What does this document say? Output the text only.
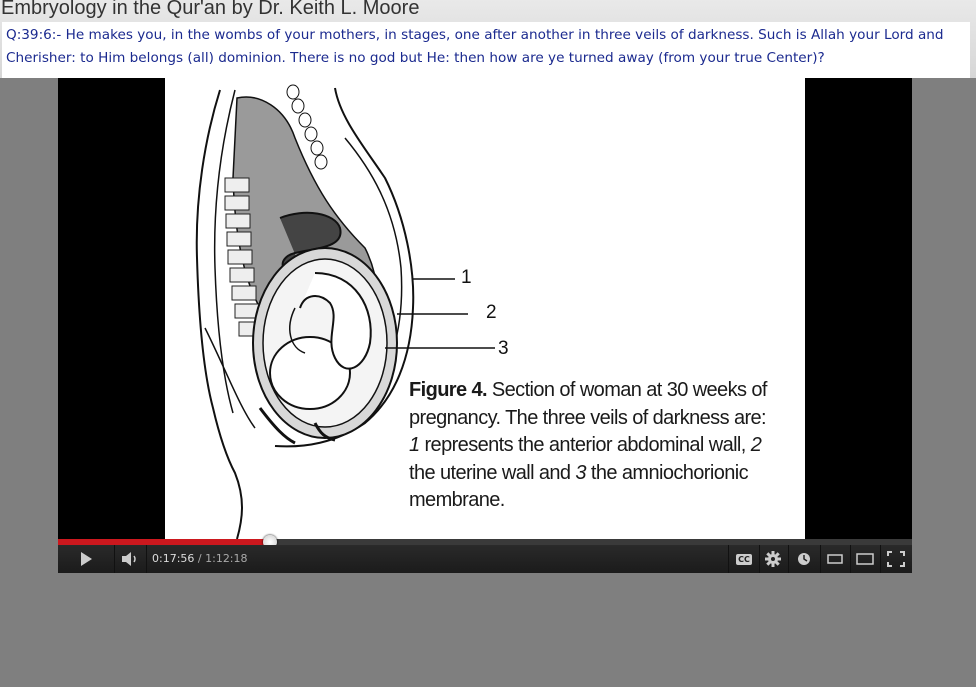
Embryology in the Qur'an by Dr. Keith L. Moore
Q:39:6:- He makes you, in the wombs of your mothers, in stages, one after another in three veils of darkness. Such is Allah your Lord and Cherisher: to Him belongs (all) dominion. There is no god but He: then how are ye turned away (from your true Center)?
1
2
3
Figure 4. Section of woman at 30 weeks of
pregnancy. The three veils of darkness are:
1 represents the anterior abdominal wall, 2
the uterine wall and 3 the amniochorionic
membrane.
0:17:56 / 1:12:18	CC
